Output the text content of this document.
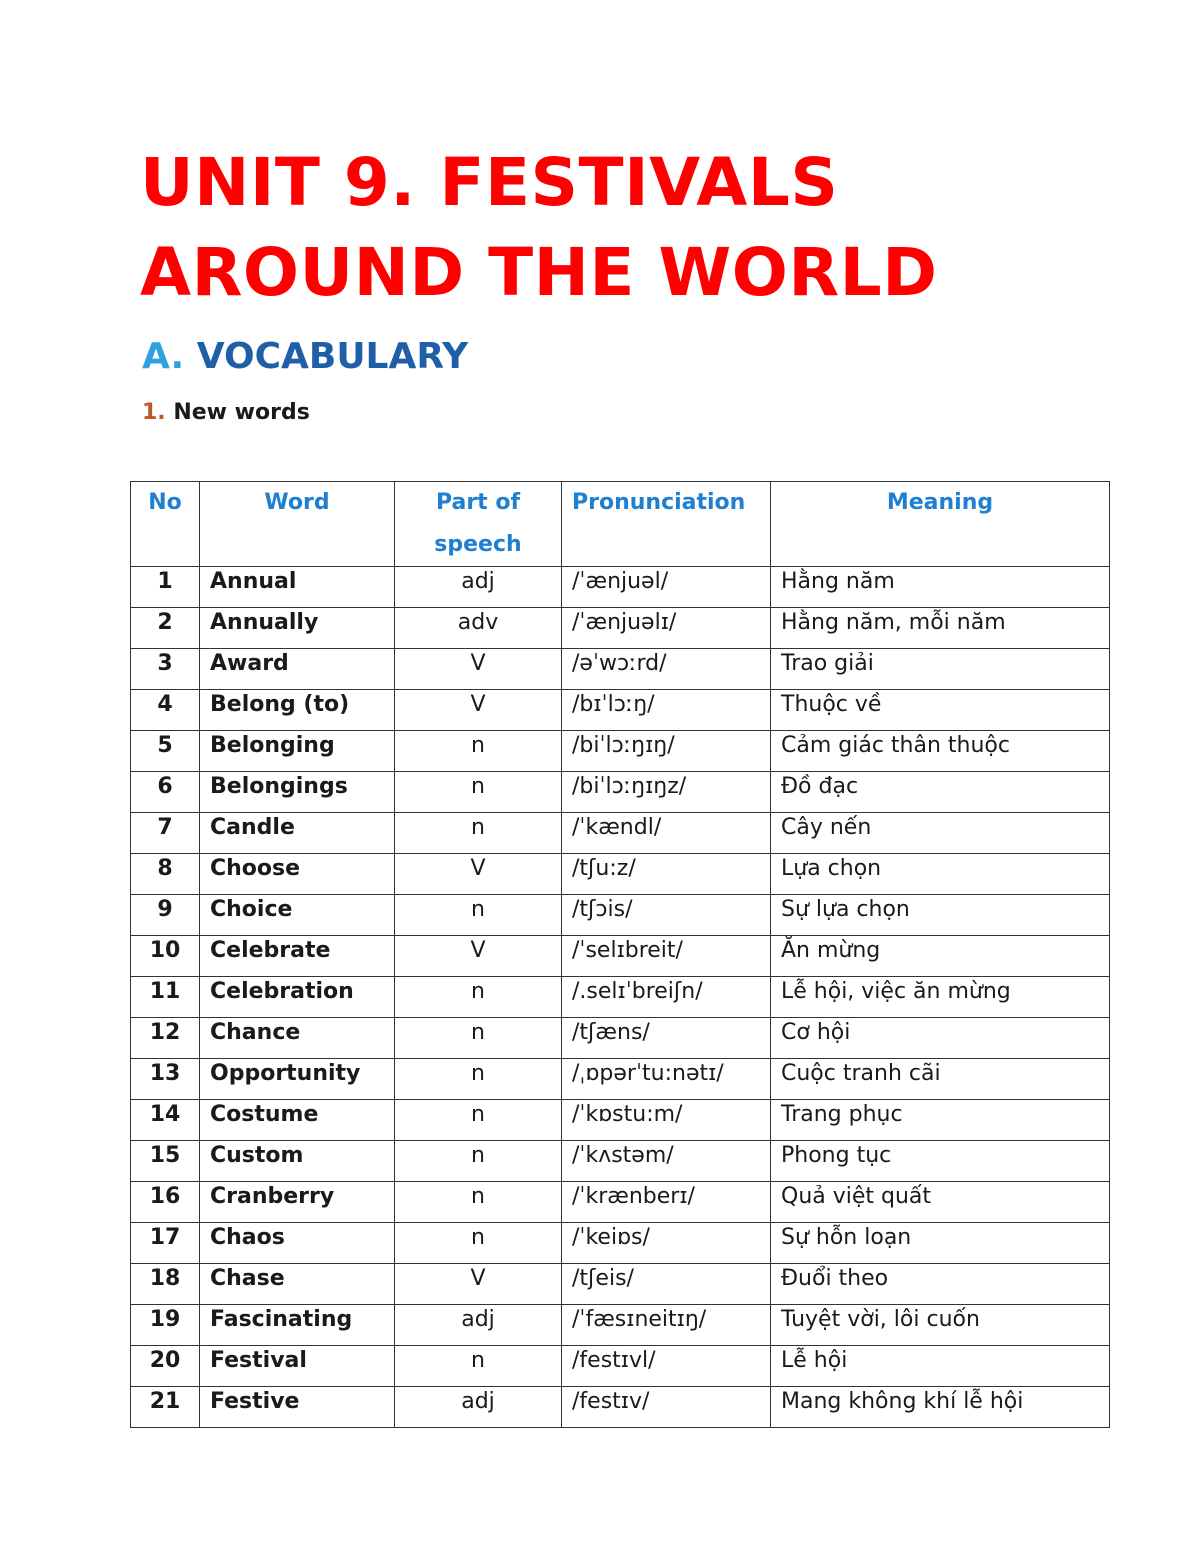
UNIT 9. FESTIVALS
AROUND THE WORLD
A. VOCABULARY
1. New words
No	Word	Part of speech	Pronunciation	Meaning
1	Annual	adj	/ˈænjuəl/	Hằng năm
2	Annually	adv	/ˈænjuəlɪ/	Hằng năm, mỗi năm
3	Award	V	/əˈwɔːrd/	Trao giải
4	Belong (to)	V	/bɪˈlɔːŋ/	Thuộc về
5	Belonging	n	/biˈlɔːŋɪŋ/	Cảm giác thân thuộc
6	Belongings	n	/biˈlɔːŋɪŋz/	Đồ đạc
7	Candle	n	/ˈkændl/	Cây nến
8	Choose	V	/tʃu:z/	Lựa chọn
9	Choice	n	/tʃɔis/	Sự lựa chọn
10	Celebrate	V	/ˈselɪbreit/	Ăn mừng
11	Celebration	n	/.selɪˈbreiʃn/	Lễ hội, việc ăn mừng
12	Chance	n	/tʃæns/	Cơ hội
13	Opportunity	n	/ˌɒpərˈtu:nətɪ/	Cuộc tranh cãi
14	Costume	n	/ˈkɒstu:m/	Trang phục
15	Custom	n	/ˈkʌstəm/	Phong tục
16	Cranberry	n	/ˈkrænberɪ/	Quả việt quất
17	Chaos	n	/ˈkeiɒs/	Sự hỗn loạn
18	Chase	V	/tʃeis/	Đuổi theo
19	Fascinating	adj	/ˈfæsɪneitɪŋ/	Tuyệt vời, lôi cuốn
20	Festival	n	/festɪvl/	Lễ hội
21	Festive	adj	/festɪv/	Mang không khí lễ hội
